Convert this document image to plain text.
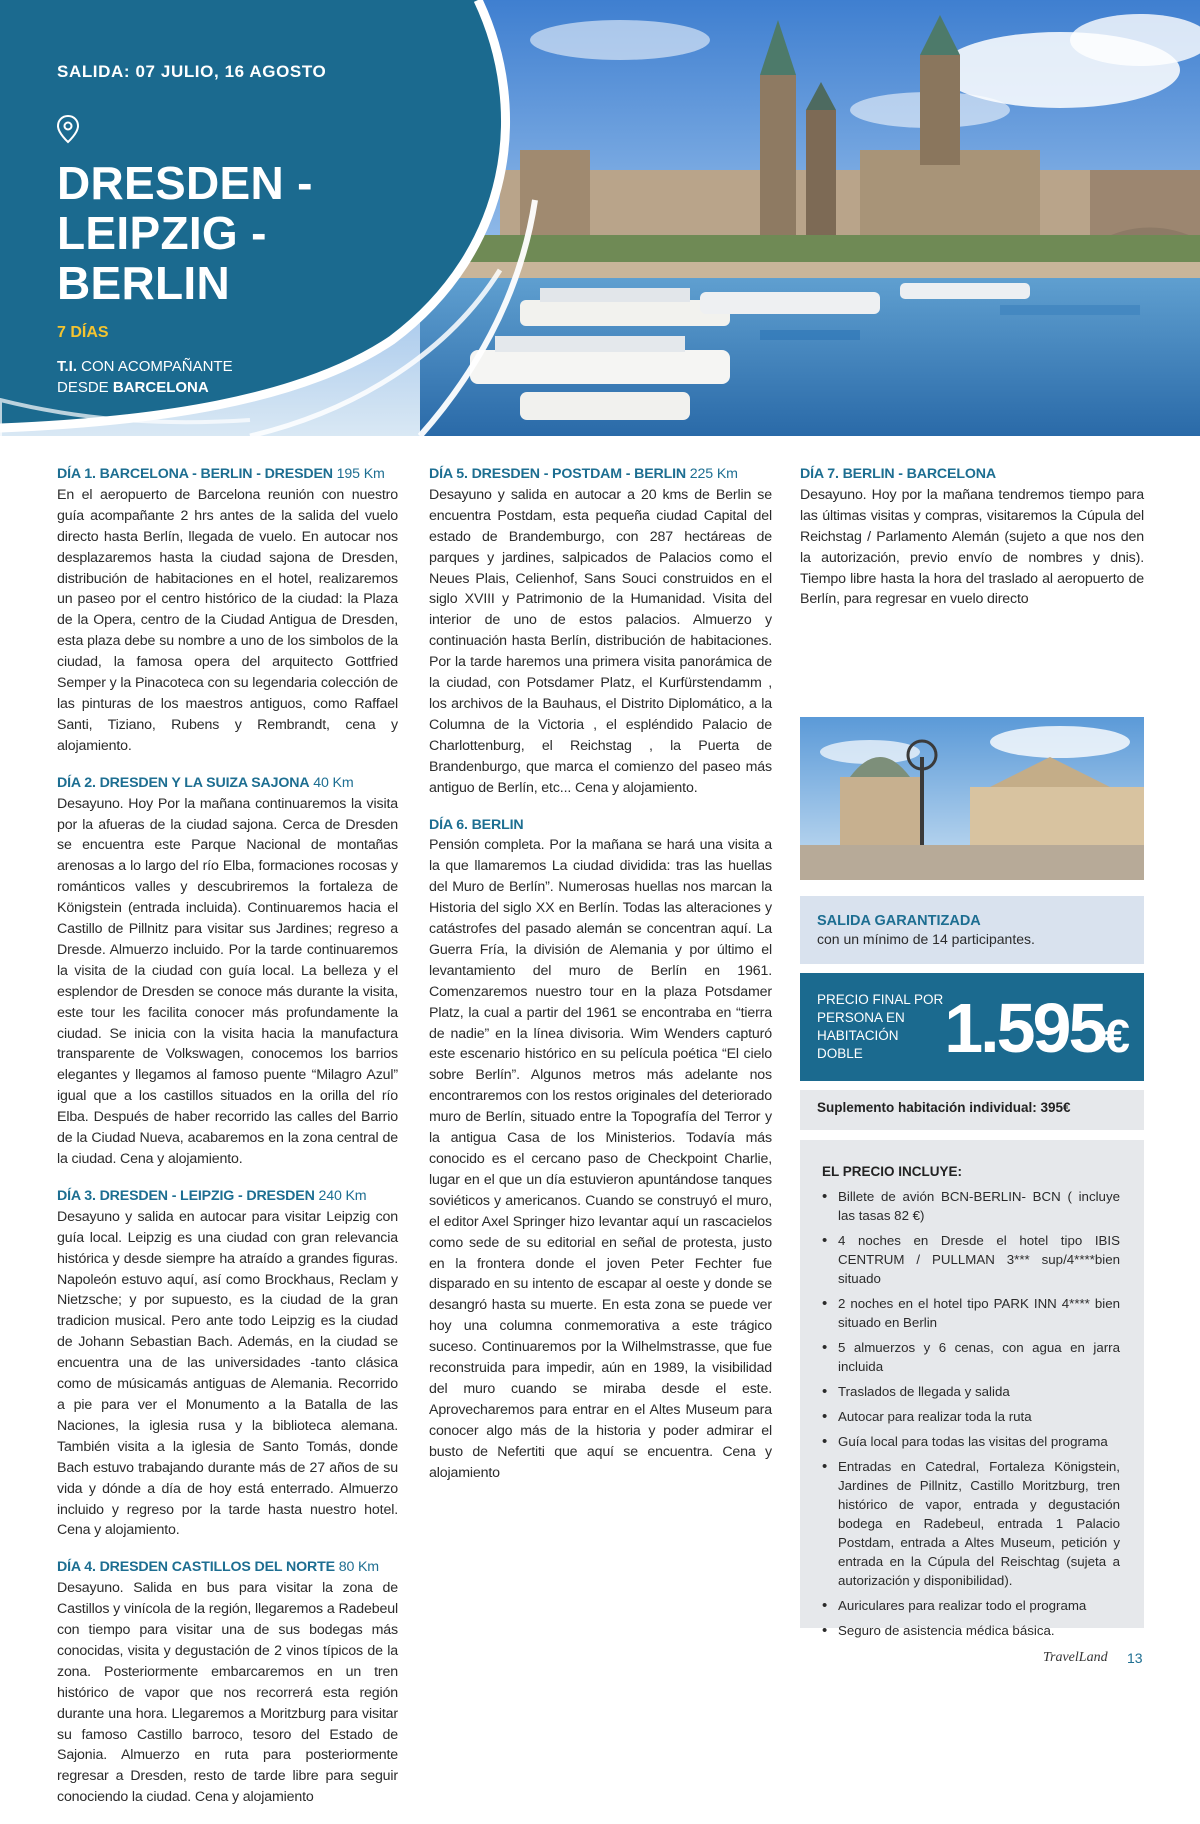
SALIDA: 07 JULIO, 16 AGOSTO
DRESDEN -
LEIPZIG -
BERLIN
7 DÍAS
T.I. CON ACOMPAÑANTE
DESDE BARCELONA
DÍA 1. BARCELONA - BERLIN - DRESDEN 195 Km
En el aeropuerto de Barcelona reunión con nuestro guía acompañante 2 hrs antes de la salida del vuelo directo hasta Berlín, llegada de vuelo. En autocar nos desplazaremos hasta la ciudad sajona de Dresden, distribución de habitaciones en el hotel, realizaremos un paseo por el centro histórico de la ciudad: la Plaza de la Opera, centro de la Ciudad Antigua de Dresden, esta plaza debe su nombre a uno de los simbolos de la ciudad, la famosa opera del arquitecto Gottfried Semper y la Pinacoteca con su legendaria colección de las pinturas de los maestros antiguos, como Raffael Santi, Tiziano, Rubens y Rembrandt, cena y alojamiento.
DÍA 2. DRESDEN Y LA SUIZA SAJONA 40 Km
Desayuno. Hoy Por la mañana continuaremos la visita por la afueras de la ciudad sajona. Cerca de Dresden se encuentra este Parque Nacional de montañas arenosas a lo largo del río Elba, formaciones rocosas y románticos valles y descubriremos la fortaleza de Königstein (entrada incluida). Continuaremos hacia el Castillo de Pillnitz para visitar sus Jardines; regreso a Dresde. Almuerzo incluido. Por la tarde continuaremos la visita de la ciudad con guía local. La belleza y el esplendor de Dresden se conoce más durante la visita, este tour les facilita conocer más profundamente la ciudad. Se inicia con la visita hacia la manufactura transparente de Volkswagen, conocemos los barrios elegantes y llegamos al famoso puente “Milagro Azul” igual que a los castillos situados en la orilla del río Elba. Después de haber recorrido las calles del Barrio de la Ciudad Nueva, acabaremos en la zona central de la ciudad. Cena y alojamiento.
DÍA 3. DRESDEN - LEIPZIG - DRESDEN 240 Km
Desayuno y salida en autocar para visitar Leipzig con guía local. Leipzig es una ciudad con gran relevancia histórica y desde siempre ha atraído a grandes figuras. Napoleón estuvo aquí, así como Brockhaus, Reclam y Nietzsche; y por supuesto, es la ciudad de la gran tradicion musical. Pero ante todo Leipzig es la ciudad de Johann Sebastian Bach. Además, en la ciudad se encuentra una de las universidades -tanto clásica como de músicamás antiguas de Alemania. Recorrido a pie para ver el Monumento a la Batalla de las Naciones, la iglesia rusa y la biblioteca alemana. También visita a la iglesia de Santo Tomás, donde Bach estuvo trabajando durante más de 27 años de su vida y dónde a día de hoy está enterrado. Almuerzo incluido y regreso por la tarde hasta nuestro hotel. Cena y alojamiento.
DÍA 4. DRESDEN CASTILLOS DEL NORTE 80 Km
Desayuno. Salida en bus para visitar la zona de Castillos y vinícola de la región, llegaremos a Radebeul con tiempo para visitar una de sus bodegas más conocidas, visita y degustación de 2 vinos típicos de la zona. Posteriormente embarcaremos en un tren histórico de vapor que nos recorrerá esta región durante una hora. Llegaremos a Moritzburg para visitar su famoso Castillo barroco, tesoro del Estado de Sajonia. Almuerzo en ruta para posteriormente regresar a Dresden, resto de tarde libre para seguir conociendo la ciudad. Cena y alojamiento
DÍA 5. DRESDEN - POSTDAM - BERLIN 225 Km
Desayuno y salida en autocar a 20 kms de Berlin se encuentra Postdam, esta pequeña ciudad Capital del estado de Brandemburgo, con 287 hectáreas de parques y jardines, salpicados de Palacios como el Neues Plais, Celienhof, Sans Souci construidos en el siglo XVIII y Patrimonio de la Humanidad. Visita del interior de uno de estos palacios. Almuerzo y continuación hasta Berlín, distribución de habitaciones. Por la tarde haremos una primera visita panorámica de la ciudad, con Potsdamer Platz, el Kurfürstendamm , los archivos de la Bauhaus, el Distrito Diplomático, a la Columna de la Victoria , el espléndido Palacio de Charlottenburg, el Reichstag , la Puerta de Brandenburgo, que marca el comienzo del paseo más antiguo de Berlín, etc... Cena y alojamiento.
DÍA 6. BERLIN
Pensión completa. Por la mañana se hará una visita a la que llamaremos La ciudad dividida: tras las huellas del Muro de Berlín”. Numerosas huellas nos marcan la Historia del siglo XX en Berlín. Todas las alteraciones y catástrofes del pasado alemán se concentran aquí. La Guerra Fría, la división de Alemania y por último el levantamiento del muro de Berlín en 1961. Comenzaremos nuestro tour en la plaza Potsdamer Platz, la cual a partir del 1961 se encontraba en “tierra de nadie” en la línea divisoria. Wim Wenders capturó este escenario histórico en su película poética “El cielo sobre Berlín”. Algunos metros más adelante nos encontraremos con los restos originales del deteriorado muro de Berlín, situado entre la Topografía del Terror y la antigua Casa de los Ministerios. Todavía más conocido es el cercano paso de Checkpoint Charlie, lugar en el que un día estuvieron apuntándose tanques soviéticos y americanos. Cuando se construyó el muro, el editor Axel Springer hizo levantar aquí un rascacielos como sede de su editorial en señal de protesta, justo en la frontera donde el joven Peter Fechter fue disparado en su intento de escapar al oeste y donde se desangró hasta su muerte. En esta zona se puede ver hoy una columna conmemorativa a este trágico suceso. Continuaremos por la Wilhelmstrasse, que fue reconstruida para impedir, aún en 1989, la visibilidad del muro cuando se miraba desde el este. Aprovecharemos para entrar en el Altes Museum para conocer algo más de la historia y poder admirar el busto de Nefertiti que aquí se encuentra. Cena y alojamiento
DÍA 7. BERLIN - BARCELONA
Desayuno. Hoy por la mañana tendremos tiempo para las últimas visitas y compras, visitaremos la Cúpula del Reichstag / Parlamento Alemán (sujeto a que nos den la autorización, previo envío de nombres y dnis). Tiempo libre hasta la hora del traslado al aeropuerto de Berlín, para regresar en vuelo directo
SALIDA GARANTIZADA
con un mínimo de 14 participantes.
PRECIO FINAL POR PERSONA EN HABITACIÓN DOBLE	1.595€
Suplemento habitación individual: 395€
EL PRECIO INCLUYE:
• Billete de avión BCN-BERLIN- BCN ( incluye las tasas 82 €)
• 4 noches en Dresde el hotel tipo IBIS CENTRUM / PULLMAN 3*** sup/4****bien situado
• 2 noches en el hotel tipo PARK INN 4**** bien situado en Berlin
• 5 almuerzos y 6 cenas, con agua en jarra incluida
• Traslados de llegada y salida
• Autocar para realizar toda la ruta
• Guía local para todas las visitas del programa
• Entradas en Catedral, Fortaleza Königstein, Jardines de Pillnitz, Castillo Moritzburg, tren histórico de vapor, entrada y degustación bodega en Radebeul, entrada 1 Palacio Postdam, entrada a Altes Museum, petición y entrada en la Cúpula del Reischtag (sujeta a autorización y disponibilidad).
• Auriculares para realizar todo el programa
• Seguro de asistencia médica básica.
TravelLand 13
